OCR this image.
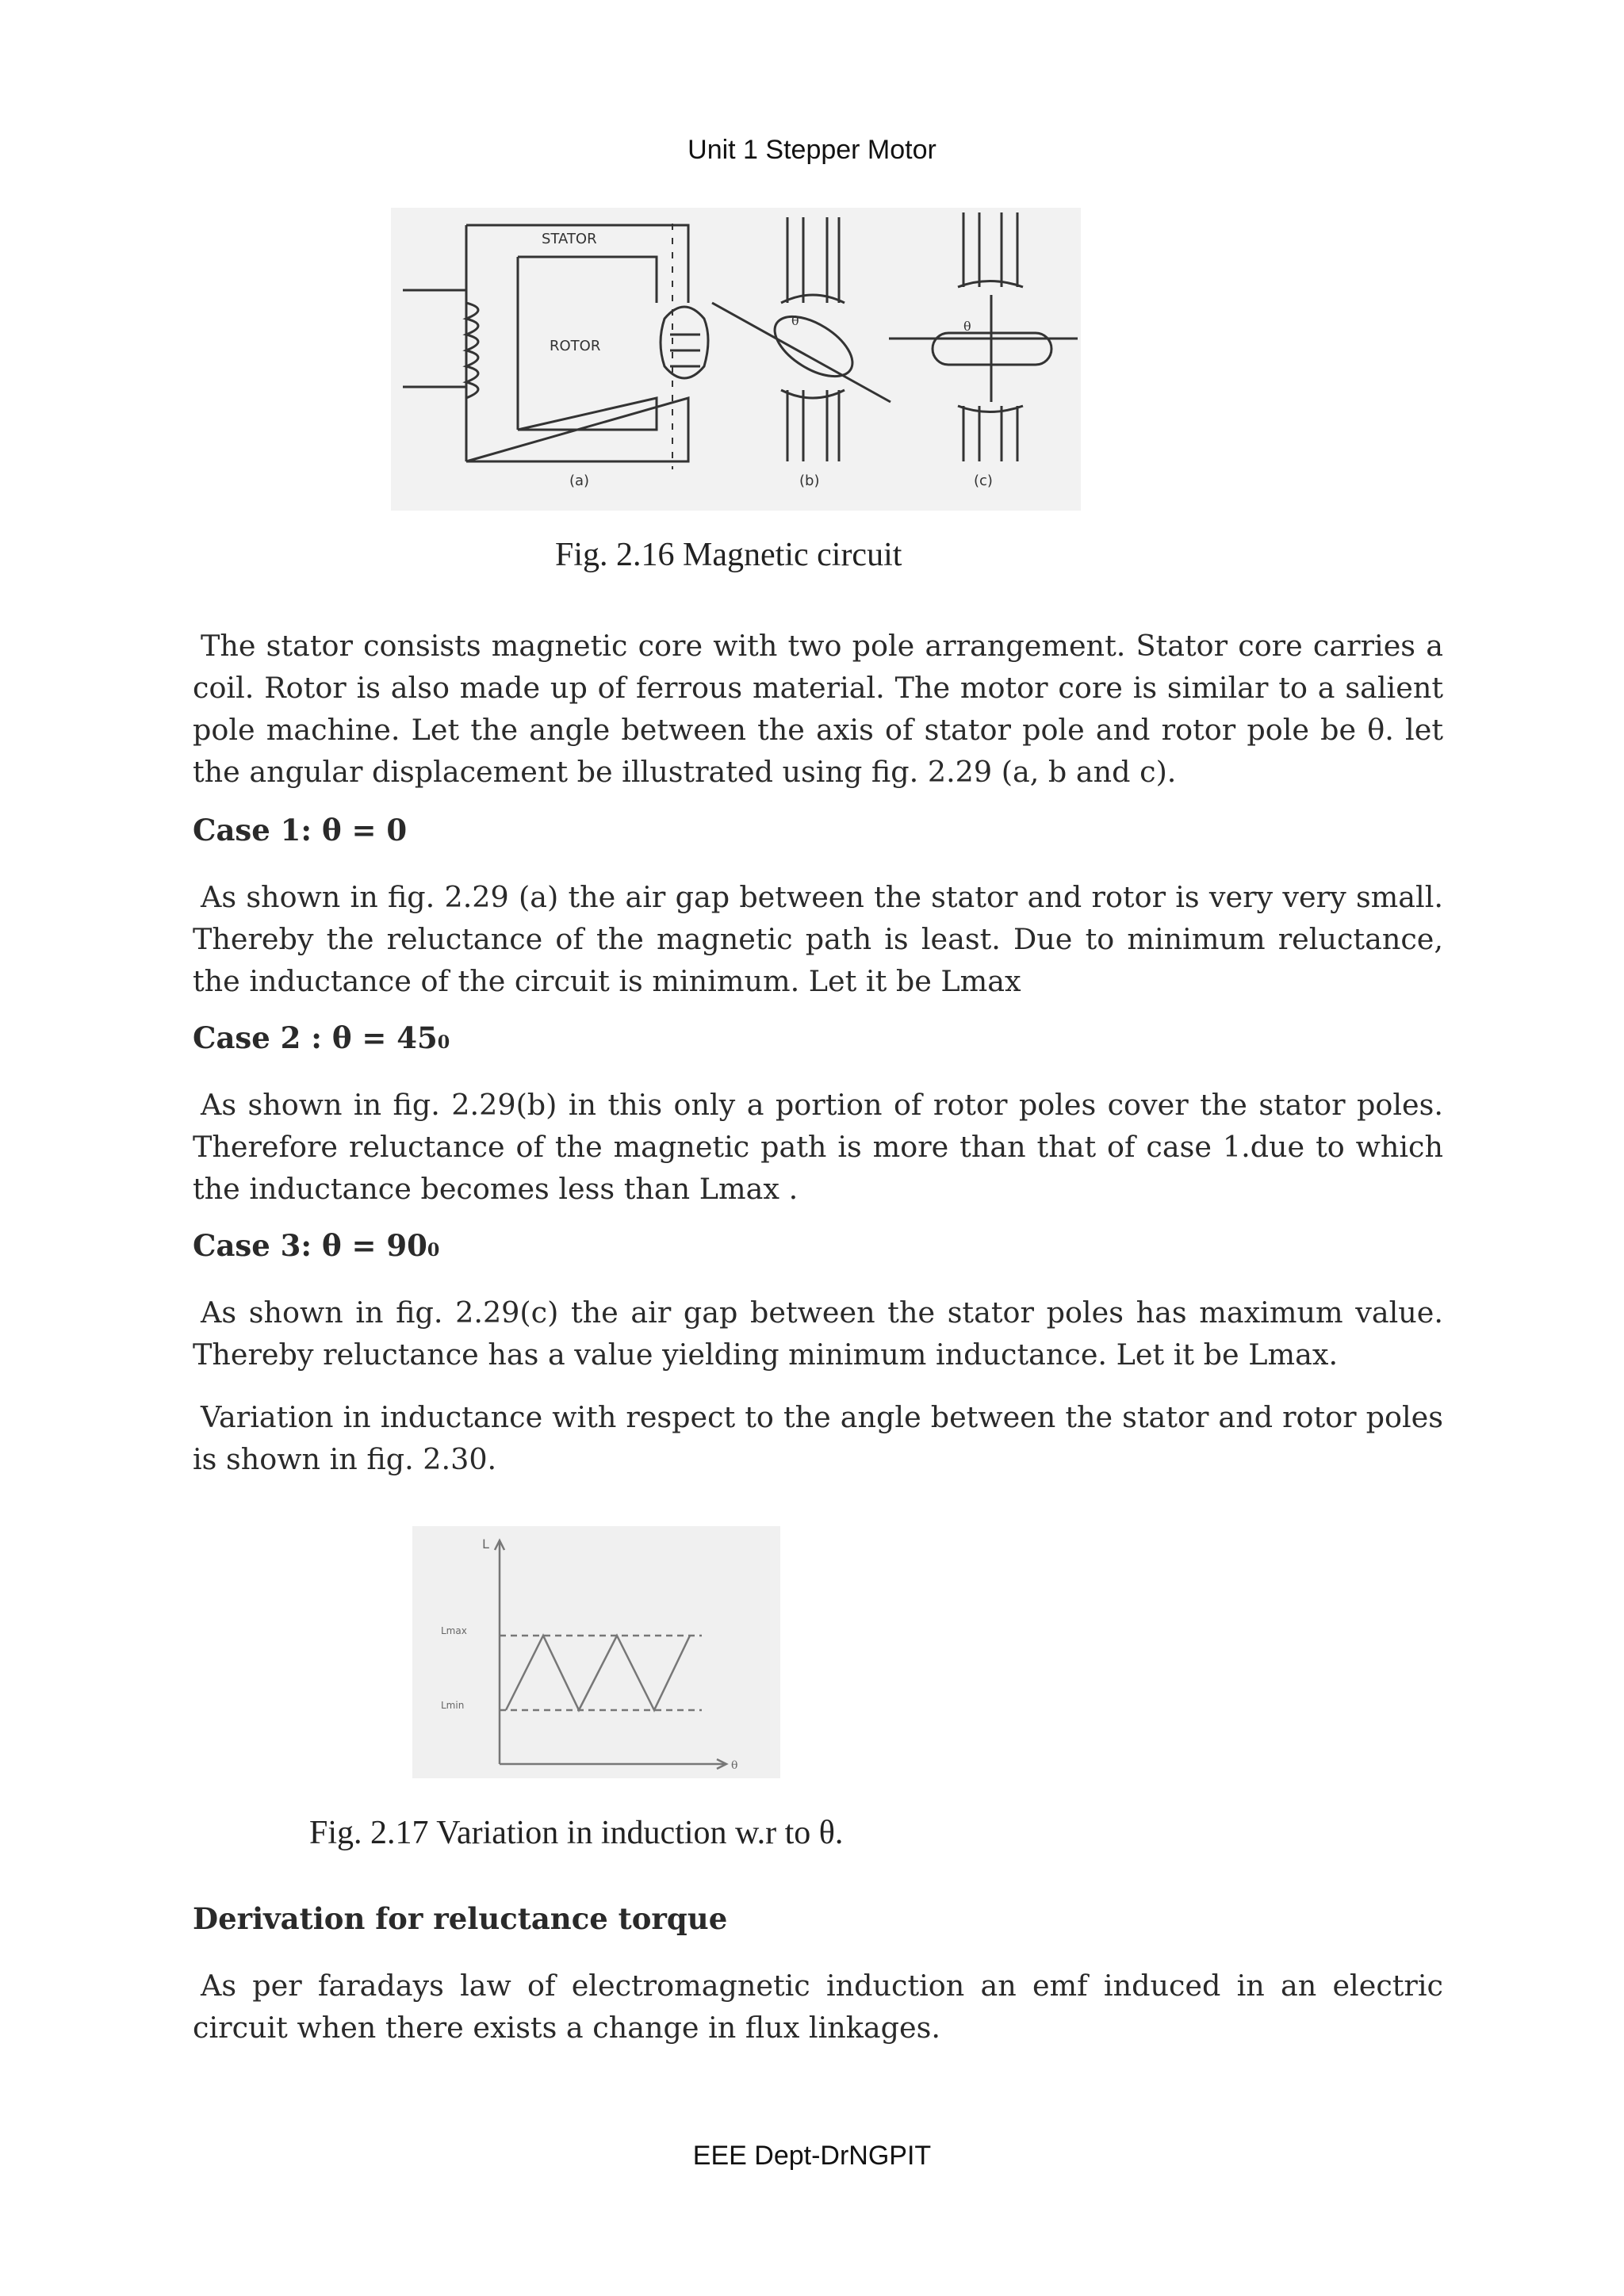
Unit 1 Stepper Motor
STATOR
ROTOR
(a)	(b)
θ
(c)
θ
Fig. 2.16 Magnetic circuit

The stator consists magnetic core with two pole arrangement. Stator core carries a coil. Rotor is also made up of ferrous material. The motor core is similar to a salient pole machine. Let the angle between the axis of stator pole and rotor pole be θ. let the angular displacement be illustrated using fig. 2.29 (a, b and c).

Case 1: θ = 0

As shown in fig. 2.29 (a) the air gap between the stator and rotor is very very small. Thereby the reluctance of the magnetic path is least. Due to minimum reluctance, the inductance of the circuit is minimum. Let it be Lmax

Case 2 : $\theta = 45^0$

As shown in fig. 2.29(b) in this only a portion of rotor poles cover the stator poles. Therefore reluctance of the magnetic path is more than that of case 1.due to which the inductance becomes less than Lmax .

Case 3: $\theta = 90^0$

As shown in fig. 2.29(c) the air gap between the stator poles has maximum value. Thereby reluctance has a value yielding minimum inductance. Let it be Lmax.

Variation in inductance with respect to the angle between the stator and rotor poles is shown in fig. 2.30.

L
Lmax
Lmin
θ
Fig. 2.17 Variation in induction w.r to θ.
Derivation for reluctance torque

As per faradays law of electromagnetic induction an emf induced in an electric circuit when there exists a change in flux linkages.

EEE Dept-DrNGPIT
